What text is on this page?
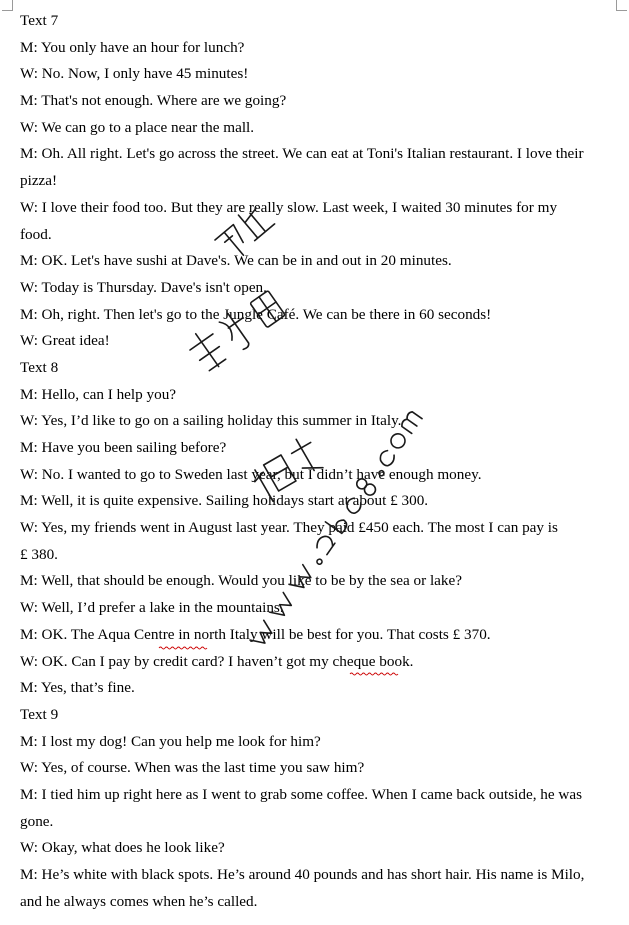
Text 7
M: You only have an hour for lunch?
W: No. Now, I only have 45 minutes!
M: That's not enough. Where are we going?
W: We can go to a place near the mall.
M: Oh. All right. Let's go across the street. We can eat at Toni's Italian restaurant. I love their
pizza!
W: I love their food too. But they are really slow. Last week, I waited 30 minutes for my
food.
M: OK. Let's have sushi at Dave's. We can be in and out in 20 minutes.
W: Today is Thursday. Dave's isn't open.
M: Oh, right. Then let's go to the Jungle Café. We can be there in 60 seconds!
W: Great idea!
Text 8
M: Hello, can I help you?
W: Yes, I’d like to go on a sailing holiday this summer in Italy.
M: Have you been sailing before?
W: No. I wanted to go to Sweden last year, but I didn’t have enough money.
M: Well, it is quite expensive. Sailing holidays start at about £ 300.
W: Yes, my friends went in August last year. They paid £450 each. The most I can pay is
£ 380.
M: Well, that should be enough. Would you like to be by the sea or lake?
W: Well, I’d prefer a lake in the mountains.
M: OK. The Aqua Centre in north Italy will be best for you. That costs £ 370.
W: OK. Can I pay by credit card? I haven’t got my cheque book.
M: Yes, that’s fine.
Text 9
M: I lost my dog! Can you help me look for him?
W: Yes, of course. When was the last time you saw him?
M: I tied him up right here as I went to grab some coffee. When I came back outside, he was
gone.
W: Okay, what does he look like?
M: He’s white with black spots. He’s around 40 pounds and has short hair. His name is Milo,
and he always comes when he’s called.
